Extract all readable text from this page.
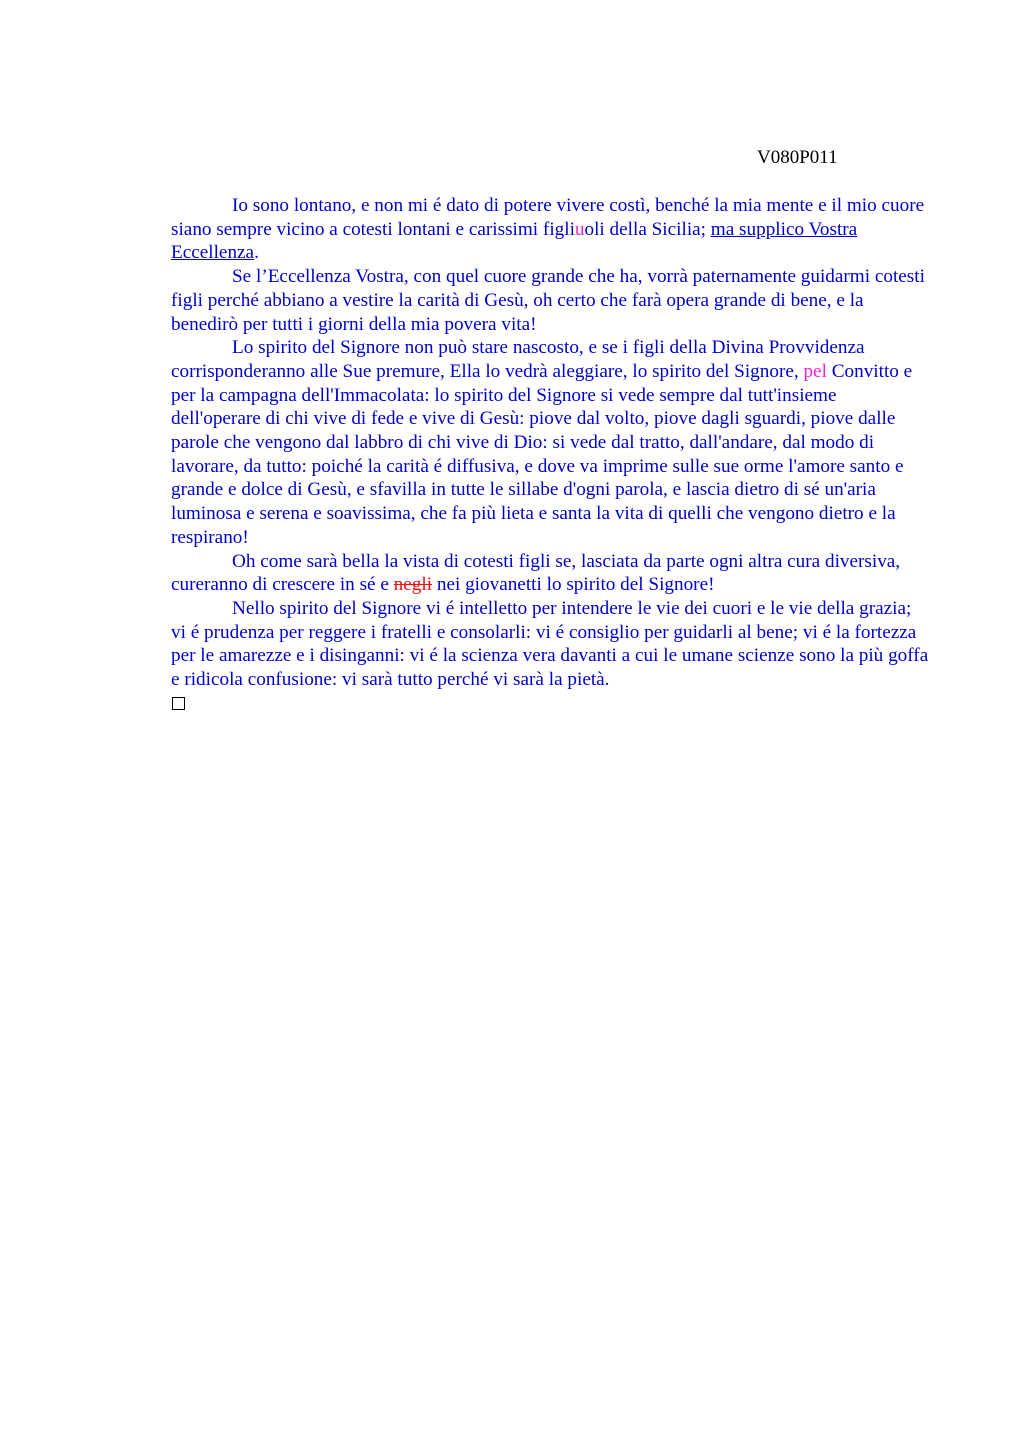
V080P011

Io sono lontano, e non mi é dato di potere vivere costì, benché la mia mente e il mio cuore siano sempre vicino a cotesti lontani e carissimi figliuoli della Sicilia; ma supplico Vostra Eccellenza.

Se l’Eccellenza Vostra, con quel cuore grande che ha, vorrà paternamente guidarmi cotesti figli perché abbiano a vestire la carità di Gesù, oh certo che farà opera grande di bene, e la benedirò per tutti i giorni della mia povera vita!

Lo spirito del Signore non può stare nascosto, e se i figli della Divina Provvidenza corrisponderanno alle Sue premure, Ella lo vedrà aleggiare, lo spirito del Signore, pel Convitto e per la campagna dell'Immacolata: lo spirito del Signore si vede sempre dal tutt'insieme dell'operare di chi vive di fede e vive di Gesù: piove dal volto, piove dagli sguardi, piove dalle parole che vengono dal labbro di chi vive di Dio: si vede dal tratto, dall'andare, dal modo di lavorare, da tutto: poiché la carità é diffusiva, e dove va imprime sulle sue orme l'amore santo e grande e dolce di Gesù, e sfavilla in tutte le sillabe d'ogni parola, e lascia dietro di sé un'aria luminosa e serena e soavissima, che fa più lieta e santa la vita di quelli che vengono dietro e la respirano!

Oh come sarà bella la vista di cotesti figli se, lasciata da parte ogni altra cura diversiva, cureranno di crescere in sé e negli nei giovanetti lo spirito del Signore!

Nello spirito del Signore vi é intelletto per intendere le vie dei cuori e le vie della grazia; vi é prudenza per reggere i fratelli e consolarli: vi é consiglio per guidarli al bene; vi é la fortezza per le amarezze e i disinganni: vi é la scienza vera davanti a cui le umane scienze sono la più goffa e ridicola confusione: vi sarà tutto perché vi sarà la pietà.
